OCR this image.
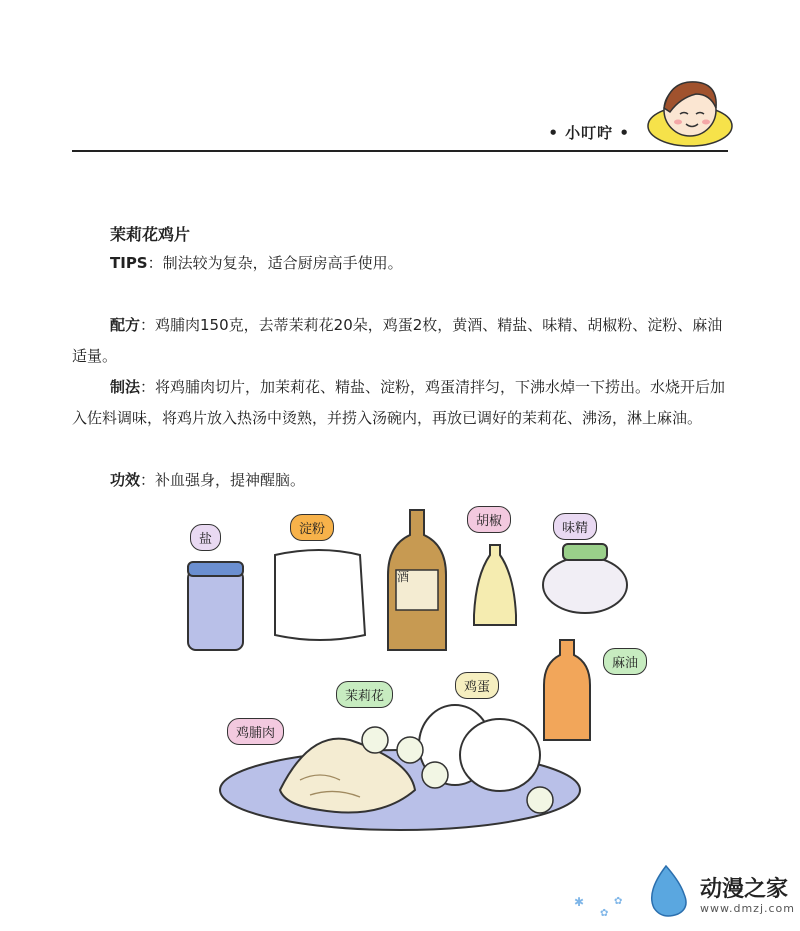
• 小叮咛 •
茉莉花鸡片
TIPS：制法较为复杂，适合厨房高手使用。
配方：鸡脯肉150克，去蒂茉莉花20朵，鸡蛋2枚，黄酒、精盐、味精、胡椒粉、淀粉、麻油适量。
制法：将鸡脯肉切片，加茉莉花、精盐、淀粉，鸡蛋清拌匀，下沸水焯一下捞出。水烧开后加入佐料调味，将鸡片放入热汤中烫熟，并捞入汤碗内，再放已调好的茉莉花、沸汤，淋上麻油。
功效：补血强身，提神醒脑。
盐
淀粉
胡椒	味精
麻油
茉莉花
鸡蛋
鸡脯肉
酒
✱
✿
✿	动漫之家
www.dmzj.com
